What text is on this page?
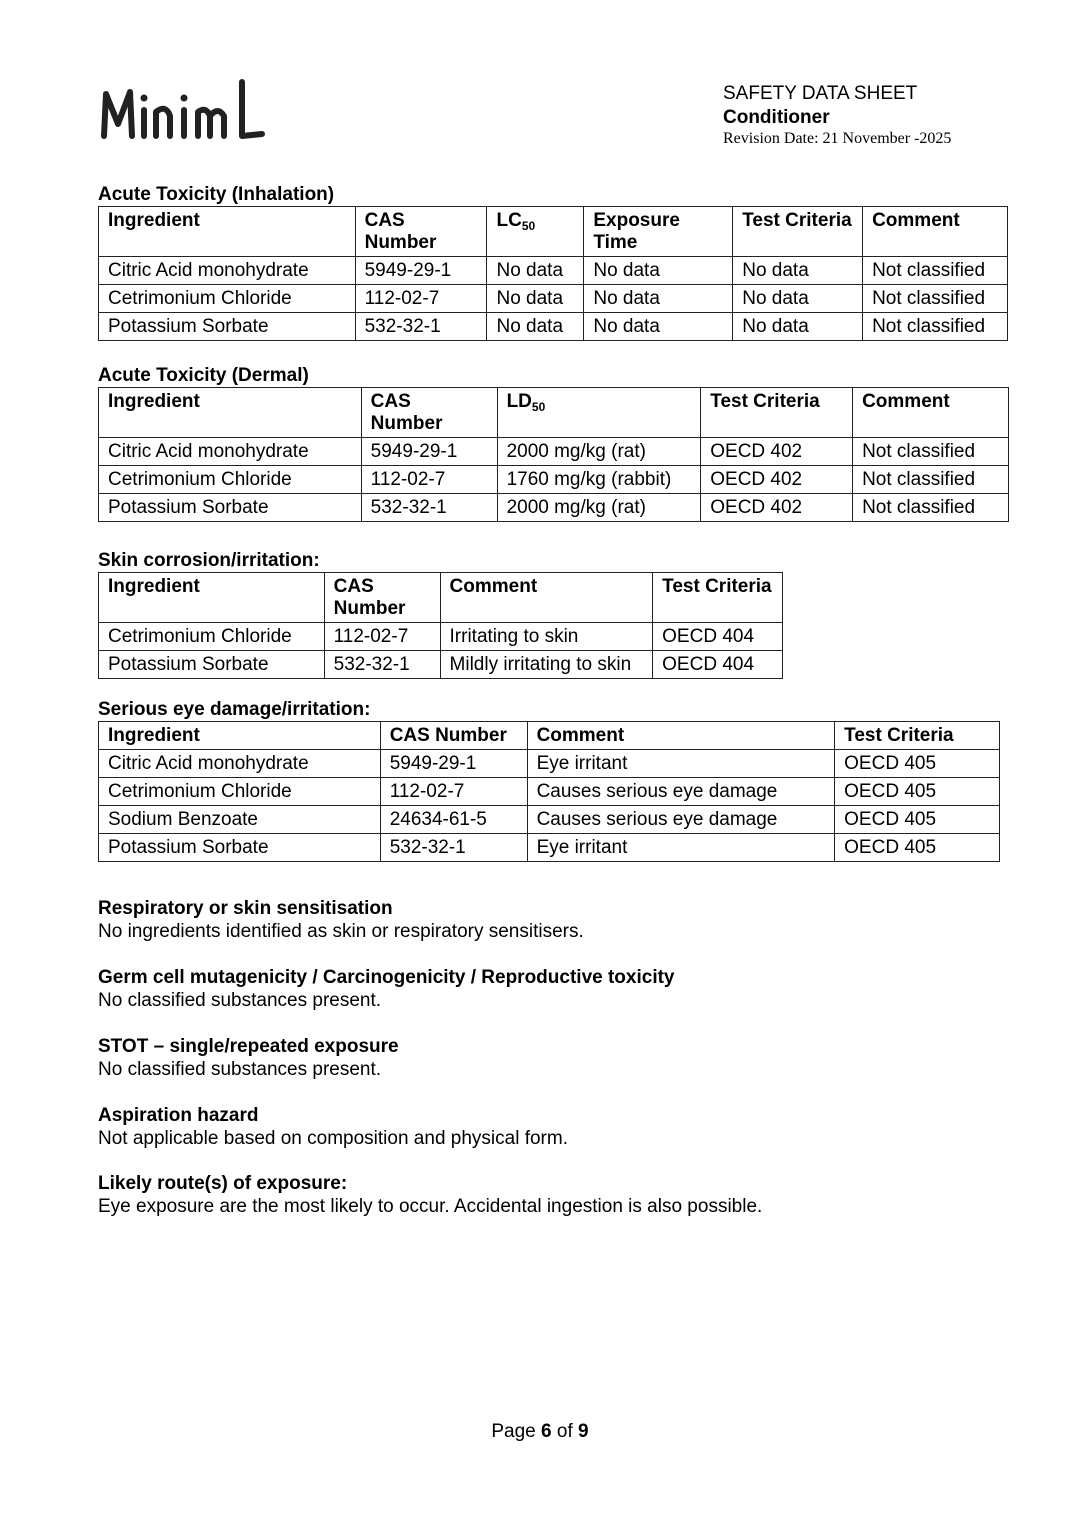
SAFETY DATA SHEET
Conditioner
Revision Date: 21 November -2025
Acute Toxicity (Inhalation)
Ingredient	CAS Number	$LC_{50}$	Exposure Time	Test Criteria	Comment
Citric Acid monohydrate	5949-29-1	No data	No data	No data	Not classified
Cetrimonium Chloride	112-02-7	No data	No data	No data	Not classified
Potassium Sorbate	532-32-1	No data	No data	No data	Not classified
Acute Toxicity (Dermal)
Ingredient	CAS Number	$LD_{50}$	Test Criteria	Comment
Citric Acid monohydrate	5949-29-1	2000 mg/kg (rat)	OECD 402	Not classified
Cetrimonium Chloride	112-02-7	1760 mg/kg (rabbit)	OECD 402	Not classified
Potassium Sorbate	532-32-1	2000 mg/kg (rat)	OECD 402	Not classified
Skin corrosion/irritation:
Ingredient	CAS Number	Comment	Test Criteria
Cetrimonium Chloride	112-02-7	Irritating to skin	OECD 404
Potassium Sorbate	532-32-1	Mildly irritating to skin	OECD 404
Serious eye damage/irritation:
Ingredient	CAS Number	Comment	Test Criteria
Citric Acid monohydrate	5949-29-1	Eye irritant	OECD 405
Cetrimonium Chloride	112-02-7	Causes serious eye damage	OECD 405
Sodium Benzoate	24634-61-5	Causes serious eye damage	OECD 405
Potassium Sorbate	532-32-1	Eye irritant	OECD 405
Respiratory or skin sensitisation
No ingredients identified as skin or respiratory sensitisers.
Germ cell mutagenicity / Carcinogenicity / Reproductive toxicity
No classified substances present.
STOT – single/repeated exposure
No classified substances present.
Aspiration hazard
Not applicable based on composition and physical form.
Likely route(s) of exposure:
Eye exposure are the most likely to occur. Accidental ingestion is also possible.
Page 6 of 9
